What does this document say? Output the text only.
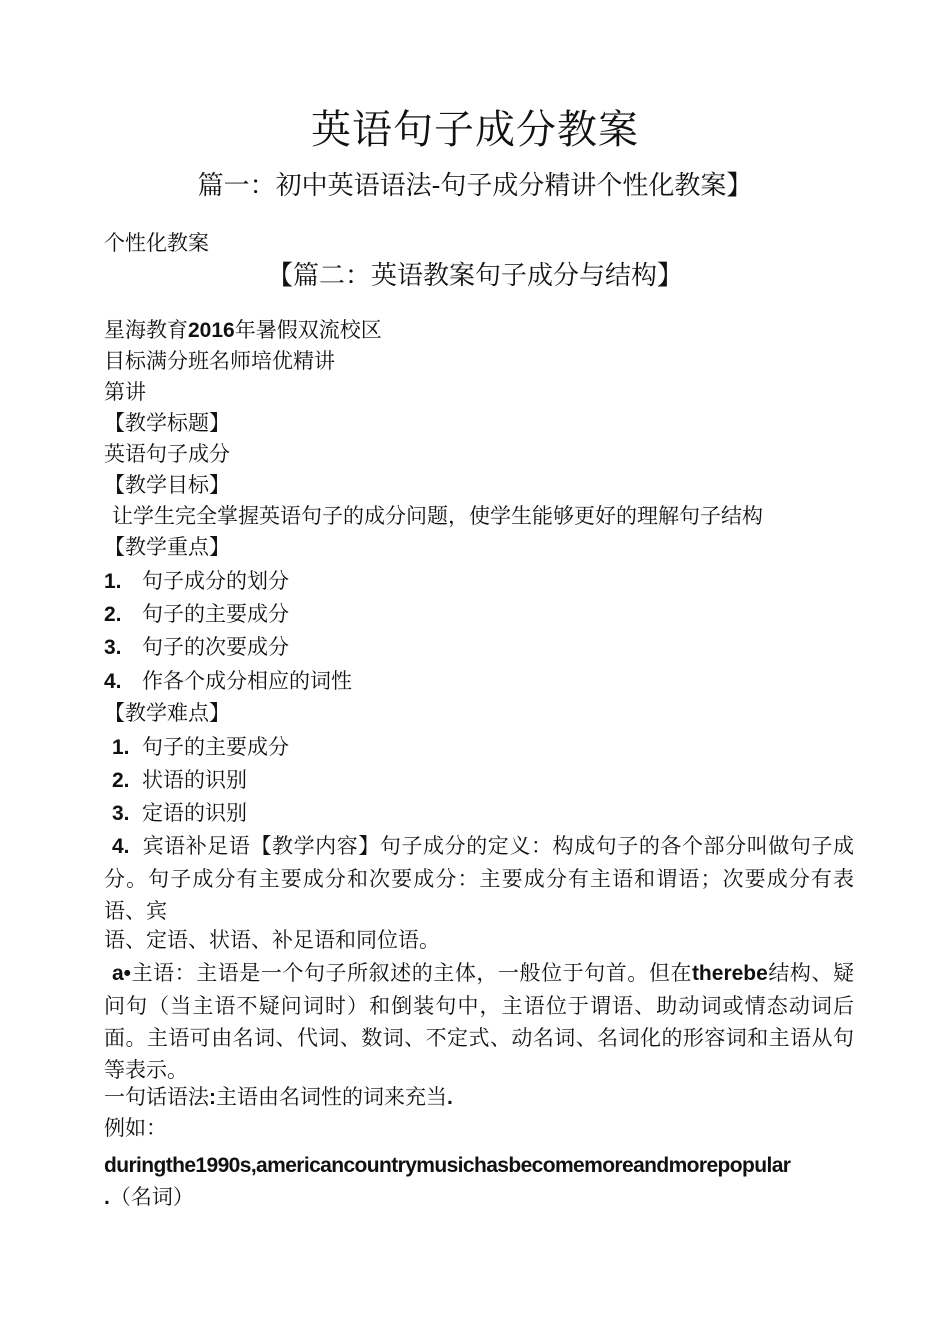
英语句子成分教案
篇一：初中英语语法-句子成分精讲个性化教案】
个性化教案
【篇二：英语教案句子成分与结构】
星海教育2016年暑假双流校区
目标满分班名师培优精讲
第讲
【教学标题】
英语句子成分
【教学目标】
让学生完全掌握英语句子的成分问题，使学生能够更好的理解句子结构
【教学重点】
1. 句子成分的划分
2. 句子的主要成分
3. 句子的次要成分
4. 作各个成分相应的词性
【教学难点】
1. 句子的主要成分
2. 状语的识别
3. 定语的识别
4. 宾语补足语【教学内容】句子成分的定义：构成句子的各个部分叫做句子成分。句子成分有主要成分和次要成分：主要成分有主语和谓语；次要成分有表语、宾
语、定语、状语、补足语和同位语。
a•主语：主语是一个句子所叙述的主体，一般位于句首。但在therebe结构、疑问句（当主语不疑问词时）和倒装句中，主语位于谓语、助动词或情态动词后面。主语可由名词、代词、数词、不定式、动名词、名词化的形容词和主语从句等表示。
一句话语法:主语由名词性的词来充当.
例如：
duringthe1990s,americancountrymusichasbecomemoreandmorepopular
.（名词）
